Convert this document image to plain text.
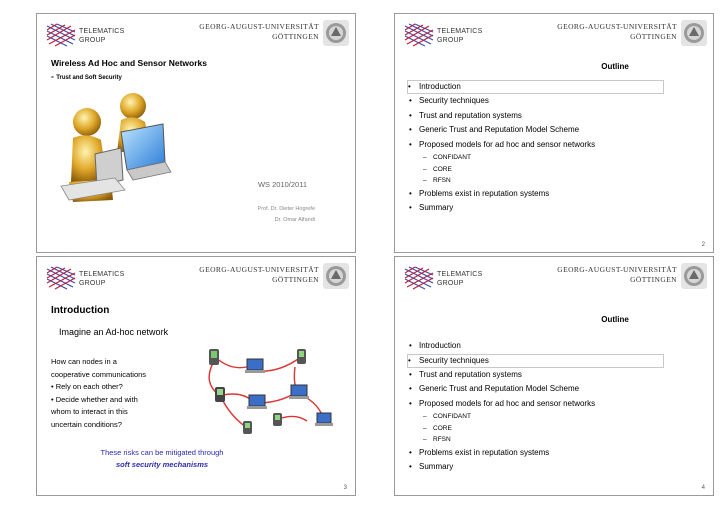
TELEMATICS
GROUP
GEORG-AUGUST-UNIVERSITÄT
GÖTTINGEN
Wireless Ad Hoc and Sensor Networks
- Trust and Soft Security
WS 2010/2011
Prof. Dr. Dieter Hogrefe
Dr. Omar Alfandi
TELEMATICS
GROUP
GEORG-AUGUST-UNIVERSITÄT
GÖTTINGEN
Outline
• Introduction
• Security techniques
• Trust and reputation systems
• Generic Trust and Reputation Model Scheme
• Proposed models for ad hoc and sensor networks
– CONFIDANT
– CORE
– RFSN
• Problems exist in reputation systems
• Summary
2
TELEMATICS
GROUP
GEORG-AUGUST-UNIVERSITÄT
GÖTTINGEN
Introduction
Imagine an Ad-hoc network
How can nodes in a
cooperative communications
• Rely on each other?
• Decide whether and with
whom to interact in this
uncertain conditions?
These risks can be mitigated through
soft security mechanisms
3
TELEMATICS
GROUP
GEORG-AUGUST-UNIVERSITÄT
GÖTTINGEN
Outline
• Introduction
• Security techniques
• Trust and reputation systems
• Generic Trust and Reputation Model Scheme
• Proposed models for ad hoc and sensor networks
– CONFIDANT
– CORE
– RFSN
• Problems exist in reputation systems
• Summary
4
